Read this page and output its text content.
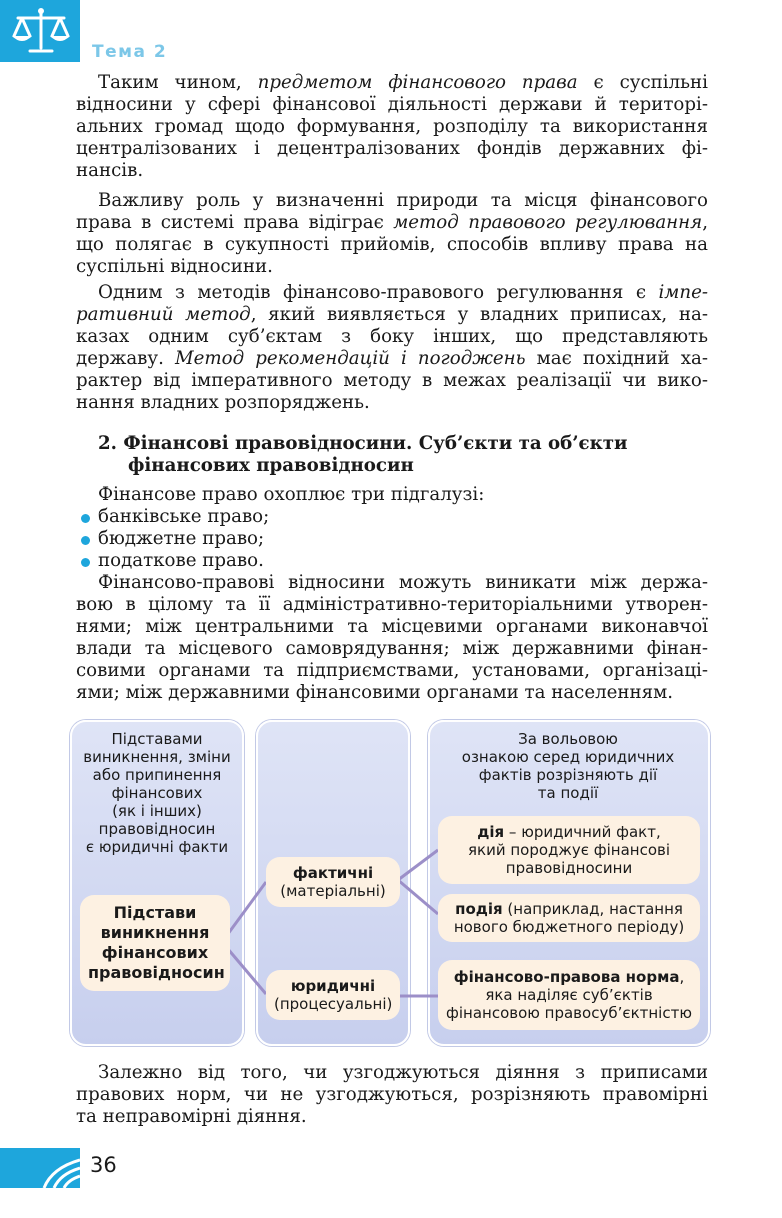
Тема 2
Таким чином, предметом фінансового права є суспільні
відносини у сфері фінансової діяльності держави й територі-
альних громад щодо формування, розподілу та використання
централізованих і децентралізованих фондів державних фі-
нансів.
Важливу роль у визначенні природи та місця фінансового
права в системі права відіграє метод правового регулювання,
що полягає в сукупності прийомів, способів впливу права на
суспільні відносини.
Одним з методів фінансово-правового регулювання є імпе-
ративний метод, який виявляється у владних приписах, на-
казах одним суб’єктам з боку інших, що представляють
державу. Метод рекомендацій і погоджень має похідний ха-
рактер від імперативного методу в межах реалізації чи вико-
нання владних розпоряджень.
2. Фінансові правовідносини. Суб’єкти та об’єкти
фінансових правовідносин
Фінансове право охоплює три підгалузі:
банківське право;
бюджетне право;
податкове право.
Фінансово-правові відносини можуть виникати між держа-
вою в цілому та її адміністративно-територіальними утворен-
нями; між центральними та місцевими органами виконавчої
влади та місцевого самоврядування; між державними фінан-
совими органами та підприємствами, установами, організаці-
ями; між державними фінансовими органами та населенням.
Підставами
виникнення, зміни
або припинення
фінансових
(як і інших)
правовідносин
є юридичні факти
Підстави
виникнення
фінансових
правовідносин
фактичні
(матеріальні)
юридичні
(процесуальні)
За вольовою
ознакою серед юридичних
фактів розрізняють дії
та події
дія – юридичний факт,
який породжує фінансові
правовідносини
подія (наприклад, настання
нового бюджетного періоду)
фінансово-правова норма,
яка наділяє суб’єктів
фінансовою правосуб’єктністю
Залежно від того, чи узгоджуються діяння з приписами
правових норм, чи не узгоджуються, розрізняють правомірні
та неправомірні діяння.
36
